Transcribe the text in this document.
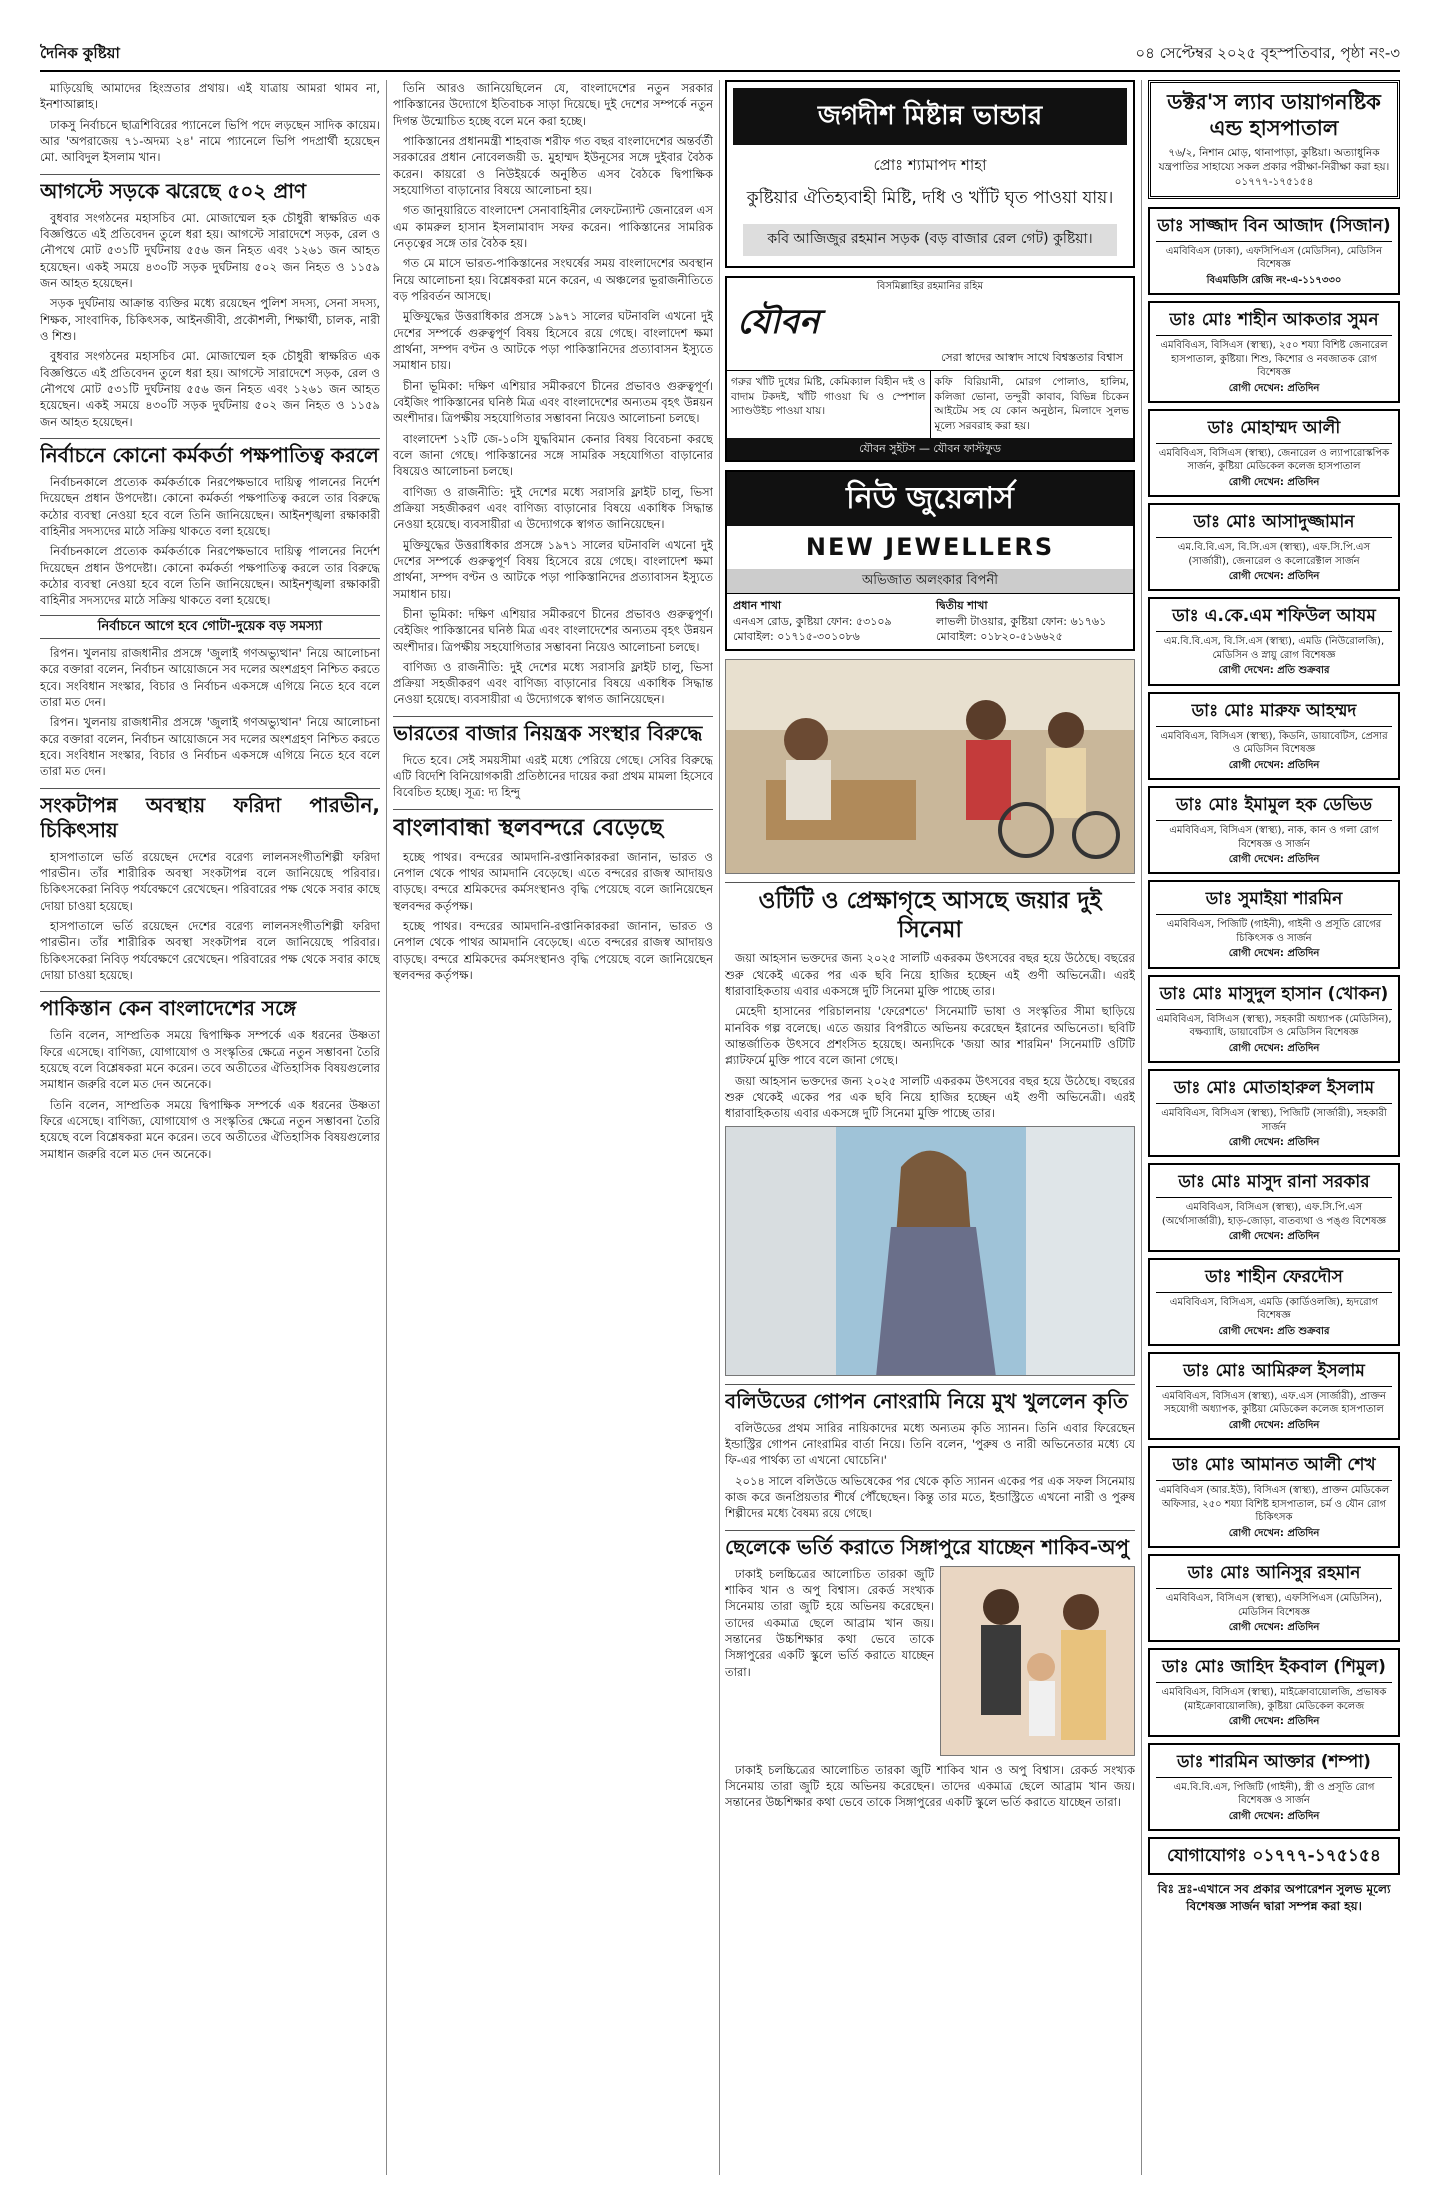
দৈনিক কুষ্টিয়া	০৪ সেপ্টেম্বর ২০২৫ বৃহস্পতিবার, পৃষ্ঠা নং-৩

মাড়িয়েছি আমাদের হিংস্রতার প্রথায়। এই যাত্রায় আমরা থামব না, ইনশাআল্লাহ।

ঢাকসু নির্বাচনে ছাত্রশিবিরের প্যানেলে ভিপি পদে লড়ছেন সাদিক কায়েম। আর 'অপরাজেয় ৭১-অদম্য ২৪' নামে প্যানেলে ভিপি পদপ্রার্থী হয়েছেন মো. আবিদুল ইসলাম খান।

আগস্টে সড়কে ঝরেছে ৫০২ প্রাণ

বুধবার সংগঠনের মহাসচিব মো. মোজাম্মেল হক চৌধুরী স্বাক্ষরিত এক বিজ্ঞপ্তিতে এই প্রতিবেদন তুলে ধরা হয়। আগস্টে সারাদেশে সড়ক, রেল ও নৌপথে মোট ৫৩১টি দুর্ঘটনায় ৫৫৬ জন নিহত এবং ১২৬১ জন আহত হয়েছেন। একই সময়ে ৪৩০টি সড়ক দুর্ঘটনায় ৫০২ জন নিহত ও ১১৫৯ জন আহত হয়েছেন।

সড়ক দুর্ঘটনায় আক্রান্ত ব্যক্তির মধ্যে রয়েছেন পুলিশ সদস্য, সেনা সদস্য, শিক্ষক, সাংবাদিক, চিকিৎসক, আইনজীবী, প্রকৌশলী, শিক্ষার্থী, চালক, নারী ও শিশু।

বুধবার সংগঠনের মহাসচিব মো. মোজাম্মেল হক চৌধুরী স্বাক্ষরিত এক বিজ্ঞপ্তিতে এই প্রতিবেদন তুলে ধরা হয়। আগস্টে সারাদেশে সড়ক, রেল ও নৌপথে মোট ৫৩১টি দুর্ঘটনায় ৫৫৬ জন নিহত এবং ১২৬১ জন আহত হয়েছেন। একই সময়ে ৪৩০টি সড়ক দুর্ঘটনায় ৫০২ জন নিহত ও ১১৫৯ জন আহত হয়েছেন।

নির্বাচনে কোনো কর্মকর্তা পক্ষপাতিত্ব করলে

নির্বাচনকালে প্রত্যেক কর্মকর্তাকে নিরপেক্ষভাবে দায়িত্ব পালনের নির্দেশ দিয়েছেন প্রধান উপদেষ্টা। কোনো কর্মকর্তা পক্ষপাতিত্ব করলে তার বিরুদ্ধে কঠোর ব্যবস্থা নেওয়া হবে বলে তিনি জানিয়েছেন। আইনশৃঙ্খলা রক্ষাকারী বাহিনীর সদস্যদের মাঠে সক্রিয় থাকতে বলা হয়েছে।

নির্বাচনকালে প্রত্যেক কর্মকর্তাকে নিরপেক্ষভাবে দায়িত্ব পালনের নির্দেশ দিয়েছেন প্রধান উপদেষ্টা। কোনো কর্মকর্তা পক্ষপাতিত্ব করলে তার বিরুদ্ধে কঠোর ব্যবস্থা নেওয়া হবে বলে তিনি জানিয়েছেন। আইনশৃঙ্খলা রক্ষাকারী বাহিনীর সদস্যদের মাঠে সক্রিয় থাকতে বলা হয়েছে।

নির্বাচনে আগে হবে গোটা-দুয়েক বড় সমস্যা

রিপন। খুলনায় রাজধানীর প্রসঙ্গে 'জুলাই গণঅভ্যুত্থান' নিয়ে আলোচনা করে বক্তারা বলেন, নির্বাচন আয়োজনে সব দলের অংশগ্রহণ নিশ্চিত করতে হবে। সংবিধান সংস্কার, বিচার ও নির্বাচন একসঙ্গে এগিয়ে নিতে হবে বলে তারা মত দেন।

রিপন। খুলনায় রাজধানীর প্রসঙ্গে 'জুলাই গণঅভ্যুত্থান' নিয়ে আলোচনা করে বক্তারা বলেন, নির্বাচন আয়োজনে সব দলের অংশগ্রহণ নিশ্চিত করতে হবে। সংবিধান সংস্কার, বিচার ও নির্বাচন একসঙ্গে এগিয়ে নিতে হবে বলে তারা মত দেন।

সংকটাপন্ন অবস্থায় ফরিদা পারভীন, চিকিৎসায়

হাসপাতালে ভর্তি রয়েছেন দেশের বরেণ্য লালনসংগীতশিল্পী ফরিদা পারভীন। তাঁর শারীরিক অবস্থা সংকটাপন্ন বলে জানিয়েছে পরিবার। চিকিৎসকেরা নিবিড় পর্যবেক্ষণে রেখেছেন। পরিবারের পক্ষ থেকে সবার কাছে দোয়া চাওয়া হয়েছে।

হাসপাতালে ভর্তি রয়েছেন দেশের বরেণ্য লালনসংগীতশিল্পী ফরিদা পারভীন। তাঁর শারীরিক অবস্থা সংকটাপন্ন বলে জানিয়েছে পরিবার। চিকিৎসকেরা নিবিড় পর্যবেক্ষণে রেখেছেন। পরিবারের পক্ষ থেকে সবার কাছে দোয়া চাওয়া হয়েছে।

পাকিস্তান কেন বাংলাদেশের সঙ্গে

তিনি বলেন, সাম্প্রতিক সময়ে দ্বিপাক্ষিক সম্পর্কে এক ধরনের উষ্ণতা ফিরে এসেছে। বাণিজ্য, যোগাযোগ ও সংস্কৃতির ক্ষেত্রে নতুন সম্ভাবনা তৈরি হয়েছে বলে বিশ্লেষকরা মনে করেন। তবে অতীতের ঐতিহাসিক বিষয়গুলোর সমাধান জরুরি বলে মত দেন অনেকে।

তিনি বলেন, সাম্প্রতিক সময়ে দ্বিপাক্ষিক সম্পর্কে এক ধরনের উষ্ণতা ফিরে এসেছে। বাণিজ্য, যোগাযোগ ও সংস্কৃতির ক্ষেত্রে নতুন সম্ভাবনা তৈরি হয়েছে বলে বিশ্লেষকরা মনে করেন। তবে অতীতের ঐতিহাসিক বিষয়গুলোর সমাধান জরুরি বলে মত দেন অনেকে।

তিনি আরও জানিয়েছিলেন যে, বাংলাদেশের নতুন সরকার পাকিস্তানের উদ্যোগে ইতিবাচক সাড়া দিয়েছে। দুই দেশের সম্পর্কে নতুন দিগন্ত উন্মোচিত হচ্ছে বলে মনে করা হচ্ছে।

পাকিস্তানের প্রধানমন্ত্রী শাহবাজ শরীফ গত বছর বাংলাদেশের অন্তর্বর্তী সরকারের প্রধান নোবেলজয়ী ড. মুহাম্মদ ইউনূসের সঙ্গে দুইবার বৈঠক করেন। কায়রো ও নিউইয়র্কে অনুষ্ঠিত এসব বৈঠকে দ্বিপাক্ষিক সহযোগিতা বাড়ানোর বিষয়ে আলোচনা হয়।

গত জানুয়ারিতে বাংলাদেশ সেনাবাহিনীর লেফটেন্যান্ট জেনারেল এস এম কামরুল হাসান ইসলামাবাদ সফর করেন। পাকিস্তানের সামরিক নেতৃত্বের সঙ্গে তার বৈঠক হয়।

গত মে মাসে ভারত-পাকিস্তানের সংঘর্ষের সময় বাংলাদেশের অবস্থান নিয়ে আলোচনা হয়। বিশ্লেষকরা মনে করেন, এ অঞ্চলের ভূরাজনীতিতে বড় পরিবর্তন আসছে।

মুক্তিযুদ্ধের উত্তরাধিকার প্রসঙ্গে ১৯৭১ সালের ঘটনাবলি এখনো দুই দেশের সম্পর্কে গুরুত্বপূর্ণ বিষয় হিসেবে রয়ে গেছে। বাংলাদেশ ক্ষমা প্রার্থনা, সম্পদ বণ্টন ও আটকে পড়া পাকিস্তানিদের প্রত্যাবাসন ইস্যুতে সমাধান চায়।

চীনা ভূমিকা: দক্ষিণ এশিয়ার সমীকরণে চীনের প্রভাবও গুরুত্বপূর্ণ। বেইজিং পাকিস্তানের ঘনিষ্ঠ মিত্র এবং বাংলাদেশের অন্যতম বৃহৎ উন্নয়ন অংশীদার। ত্রিপক্ষীয় সহযোগিতার সম্ভাবনা নিয়েও আলোচনা চলছে।

বাংলাদেশ ১২টি জে-১০সি যুদ্ধবিমান কেনার বিষয় বিবেচনা করছে বলে জানা গেছে। পাকিস্তানের সঙ্গে সামরিক সহযোগিতা বাড়ানোর বিষয়েও আলোচনা চলছে।

বাণিজ্য ও রাজনীতি: দুই দেশের মধ্যে সরাসরি ফ্লাইট চালু, ভিসা প্রক্রিয়া সহজীকরণ এবং বাণিজ্য বাড়ানোর বিষয়ে একাধিক সিদ্ধান্ত নেওয়া হয়েছে। ব্যবসায়ীরা এ উদ্যোগকে স্বাগত জানিয়েছেন।

মুক্তিযুদ্ধের উত্তরাধিকার প্রসঙ্গে ১৯৭১ সালের ঘটনাবলি এখনো দুই দেশের সম্পর্কে গুরুত্বপূর্ণ বিষয় হিসেবে রয়ে গেছে। বাংলাদেশ ক্ষমা প্রার্থনা, সম্পদ বণ্টন ও আটকে পড়া পাকিস্তানিদের প্রত্যাবাসন ইস্যুতে সমাধান চায়।

চীনা ভূমিকা: দক্ষিণ এশিয়ার সমীকরণে চীনের প্রভাবও গুরুত্বপূর্ণ। বেইজিং পাকিস্তানের ঘনিষ্ঠ মিত্র এবং বাংলাদেশের অন্যতম বৃহৎ উন্নয়ন অংশীদার। ত্রিপক্ষীয় সহযোগিতার সম্ভাবনা নিয়েও আলোচনা চলছে।

বাণিজ্য ও রাজনীতি: দুই দেশের মধ্যে সরাসরি ফ্লাইট চালু, ভিসা প্রক্রিয়া সহজীকরণ এবং বাণিজ্য বাড়ানোর বিষয়ে একাধিক সিদ্ধান্ত নেওয়া হয়েছে। ব্যবসায়ীরা এ উদ্যোগকে স্বাগত জানিয়েছেন।

ভারতের বাজার নিয়ন্ত্রক সংস্থার বিরুদ্ধে

দিতে হবে। সেই সময়সীমা এরই মধ্যে পেরিয়ে গেছে। সেবির বিরুদ্ধে এটি বিদেশি বিনিয়োগকারী প্রতিষ্ঠানের দায়ের করা প্রথম মামলা হিসেবে বিবেচিত হচ্ছে। সূত্র: দ্য হিন্দু

বাংলাবান্ধা স্থলবন্দরে বেড়েছে

হচ্ছে পাথর। বন্দরের আমদানি-রপ্তানিকারকরা জানান, ভারত ও নেপাল থেকে পাথর আমদানি বেড়েছে। এতে বন্দরের রাজস্ব আদায়ও বাড়ছে। বন্দরে শ্রমিকদের কর্মসংস্থানও বৃদ্ধি পেয়েছে বলে জানিয়েছেন স্থলবন্দর কর্তৃপক্ষ।

হচ্ছে পাথর। বন্দরের আমদানি-রপ্তানিকারকরা জানান, ভারত ও নেপাল থেকে পাথর আমদানি বেড়েছে। এতে বন্দরের রাজস্ব আদায়ও বাড়ছে। বন্দরে শ্রমিকদের কর্মসংস্থানও বৃদ্ধি পেয়েছে বলে জানিয়েছেন স্থলবন্দর কর্তৃপক্ষ।

জগদীশ মিষ্টান্ন ভান্ডার
প্রোঃ শ্যামাপদ শাহা
কুষ্টিয়ার ঐতিহ্যবাহী মিষ্টি, দধি ও খাঁটি ঘৃত পাওয়া যায়।
কবি আজিজুর রহমান সড়ক (বড় বাজার রেল গেট) কুষ্টিয়া।
বিসমিল্লাহির রহমানির রহিম
যৌবন
সেরা স্বাদের আস্বাদ সাথে বিশ্বস্ততার বিশ্বাস
গরুর খাঁটি দুধের মিষ্টি, কেমিক্যাল বিহীন দই ও বাদাম টকদই, খাঁটি গাওয়া ঘি ও স্পেশাল স্যাণ্ডউইচ পাওয়া যায়।
কফি বিরিয়ানী, মোরগ পোলাও, হালিম, কলিজা ভোনা, তন্দুরী কাবাব, বিভিন্ন চিকেন আইটেম সহ যে কোন অনুষ্ঠান, মিলাদে সুলভ মূল্যে সরবরাহ করা হয়।
যৌবন সুইটস — যৌবন ফাস্টফুড
নিউ জুয়েলার্স
NEW JEWELLERS
অভিজাত অলংকার বিপনী
প্রধান শাখা
এনএস রোড, কুষ্টিয়া ফোন: ৫৩১০৯ মোবাইল: ০১৭১৫-৩০১০৮৬
দ্বিতীয় শাখা
লাভলী টাওয়ার, কুষ্টিয়া ফোন: ৬১৭৬১ মোবাইল: ০১৮২০-৫১৬৬২৫
ওটিটি ও প্রেক্ষাগৃহে আসছে জয়ার দুই সিনেমা

জয়া আহসান ভক্তদের জন্য ২০২৫ সালটি একরকম উৎসবের বছর হয়ে উঠেছে। বছরের শুরু থেকেই একের পর এক ছবি নিয়ে হাজির হচ্ছেন এই গুণী অভিনেত্রী। এরই ধারাবাহিকতায় এবার একসঙ্গে দুটি সিনেমা মুক্তি পাচ্ছে তার।

মেহেদী হাসানের পরিচালনায় 'ফেরেশতে' সিনেমাটি ভাষা ও সংস্কৃতির সীমা ছাড়িয়ে মানবিক গল্প বলেছে। এতে জয়ার বিপরীতে অভিনয় করেছেন ইরানের অভিনেতা। ছবিটি আন্তর্জাতিক উৎসবে প্রশংসিত হয়েছে। অন্যদিকে 'জয়া আর শারমিন' সিনেমাটি ওটিটি প্ল্যাটফর্মে মুক্তি পাবে বলে জানা গেছে।

জয়া আহসান ভক্তদের জন্য ২০২৫ সালটি একরকম উৎসবের বছর হয়ে উঠেছে। বছরের শুরু থেকেই একের পর এক ছবি নিয়ে হাজির হচ্ছেন এই গুণী অভিনেত্রী। এরই ধারাবাহিকতায় এবার একসঙ্গে দুটি সিনেমা মুক্তি পাচ্ছে তার।

বলিউডের গোপন নোংরামি নিয়ে মুখ খুললেন কৃতি

বলিউডের প্রথম সারির নায়িকাদের মধ্যে অন্যতম কৃতি স্যানন। তিনি এবার ফিরেছেন ইন্ডাস্ট্রির গোপন নোংরামির বার্তা নিয়ে। তিনি বলেন, 'পুরুষ ও নারী অভিনেতার মধ্যে যে ফি-এর পার্থক্য তা এখনো ঘোচেনি।'

২০১৪ সালে বলিউডে অভিষেকের পর থেকে কৃতি স্যানন একের পর এক সফল সিনেমায় কাজ করে জনপ্রিয়তার শীর্ষে পৌঁছেছেন। কিন্তু তার মতে, ইন্ডাস্ট্রিতে এখনো নারী ও পুরুষ শিল্পীদের মধ্যে বৈষম্য রয়ে গেছে।

ছেলেকে ভর্তি করাতে সিঙ্গাপুরে যাচ্ছেন শাকিব-অপু

ঢাকাই চলচ্চিত্রের আলোচিত তারকা জুটি শাকিব খান ও অপু বিশ্বাস। রেকর্ড সংখ্যক সিনেমায় তারা জুটি হয়ে অভিনয় করেছেন। তাদের একমাত্র ছেলে আব্রাম খান জয়। সন্তানের উচ্চশিক্ষার কথা ভেবে তাকে সিঙ্গাপুরের একটি স্কুলে ভর্তি করাতে যাচ্ছেন তারা।

ঢাকাই চলচ্চিত্রের আলোচিত তারকা জুটি শাকিব খান ও অপু বিশ্বাস। রেকর্ড সংখ্যক সিনেমায় তারা জুটি হয়ে অভিনয় করেছেন। তাদের একমাত্র ছেলে আব্রাম খান জয়। সন্তানের উচ্চশিক্ষার কথা ভেবে তাকে সিঙ্গাপুরের একটি স্কুলে ভর্তি করাতে যাচ্ছেন তারা।

ডক্টর'স ল্যাব ডায়াগনষ্টিক এন্ড হাসপাতাল
৭৬/২, নিশান মোড়, থানাপাড়া, কুষ্টিয়া। অত্যাধুনিক যন্ত্রপাতির সাহায্যে সকল প্রকার পরীক্ষা-নিরীক্ষা করা হয়। ০১৭৭৭-১৭৫১৫৪
ডাঃ সাজ্জাদ বিন আজাদ (সিজান)
এমবিবিএস (ঢাকা), এফসিপিএস (মেডিসিন), মেডিসিন বিশেষজ্ঞ
বিএমডিসি রেজি নং-এ-১১৭৩৩০
ডাঃ মোঃ শাহীন আকতার সুমন
এমবিবিএস, বিসিএস (স্বাস্থ্য), ২৫০ শয্যা বিশিষ্ট জেনারেল হাসপাতাল, কুষ্টিয়া। শিশু, কিশোর ও নবজাতক রোগ বিশেষজ্ঞ
রোগী দেখেন: প্রতিদিন
ডাঃ মোহাম্মদ আলী
এমবিবিএস, বিসিএস (স্বাস্থ্য), জেনারেল ও ল্যাপারোস্কপিক সার্জন, কুষ্টিয়া মেডিকেল কলেজ হাসপাতাল
রোগী দেখেন: প্রতিদিন
ডাঃ মোঃ আসাদুজ্জামান
এম.বি.বি.এস, বি.সি.এস (স্বাস্থ্য), এফ.সি.পি.এস (সার্জারী), জেনারেল ও কলোরেক্টাল সার্জন
রোগী দেখেন: প্রতিদিন
ডাঃ এ.কে.এম শফিউল আযম
এম.বি.বি.এস, বি.সি.এস (স্বাস্থ্য), এমডি (নিউরোলজি), মেডিসিন ও স্নায়ু রোগ বিশেষজ্ঞ
রোগী দেখেন: প্রতি শুক্রবার
ডাঃ মোঃ মারুফ আহম্মদ
এমবিবিএস, বিসিএস (স্বাস্থ্য), কিডনি, ডায়াবেটিস, প্রেসার ও মেডিসিন বিশেষজ্ঞ
রোগী দেখেন: প্রতিদিন
ডাঃ মোঃ ইমামুল হক ডেভিড
এমবিবিএস, বিসিএস (স্বাস্থ্য), নাক, কান ও গলা রোগ বিশেষজ্ঞ ও সার্জন
রোগী দেখেন: প্রতিদিন
ডাঃ সুমাইয়া শারমিন
এমবিবিএস, পিজিটি (গাইনী), গাইনী ও প্রসূতি রোগের চিকিৎসক ও সার্জন
রোগী দেখেন: প্রতিদিন
ডাঃ মোঃ মাসুদুল হাসান (খোকন)
এমবিবিএস, বিসিএস (স্বাস্থ্য), সহকারী অধ্যাপক (মেডিসিন), বক্ষব্যাধি, ডায়াবেটিস ও মেডিসিন বিশেষজ্ঞ
রোগী দেখেন: প্রতিদিন
ডাঃ মোঃ মোতাহারুল ইসলাম
এমবিবিএস, বিসিএস (স্বাস্থ্য), পিজিটি (সার্জারী), সহকারী সার্জন
রোগী দেখেন: প্রতিদিন
ডাঃ মোঃ মাসুদ রানা সরকার
এমবিবিএস, বিসিএস (স্বাস্থ্য), এফ.সি.পি.এস (অর্থোসার্জারী), হাড়-জোড়া, বাতব্যথা ও পঙ্গু বিশেষজ্ঞ
রোগী দেখেন: প্রতিদিন
ডাঃ শাহীন ফেরদৌস
এমবিবিএস, বিসিএস, এমডি (কার্ডিওলজি), হৃদরোগ বিশেষজ্ঞ
রোগী দেখেন: প্রতি শুক্রবার
ডাঃ মোঃ আমিরুল ইসলাম
এমবিবিএস, বিসিএস (স্বাস্থ্য), এফ.এস (সার্জারী), প্রাক্তন সহযোগী অধ্যাপক, কুষ্টিয়া মেডিকেল কলেজ হাসপাতাল
রোগী দেখেন: প্রতিদিন
ডাঃ মোঃ আমানত আলী শেখ
এমবিবিএস (আর.ইউ), বিসিএস (স্বাস্থ্য), প্রাক্তন মেডিকেল অফিসার, ২৫০ শয্যা বিশিষ্ট হাসপাতাল, চর্ম ও যৌন রোগ চিকিৎসক
রোগী দেখেন: প্রতিদিন
ডাঃ মোঃ আনিসুর রহমান
এমবিবিএস, বিসিএস (স্বাস্থ্য), এফসিপিএস (মেডিসিন), মেডিসিন বিশেষজ্ঞ
রোগী দেখেন: প্রতিদিন
ডাঃ মোঃ জাহিদ ইকবাল (শিমুল)
এমবিবিএস, বিসিএস (স্বাস্থ্য), মাইক্রোবায়োলজি, প্রভাষক (মাইক্রোবায়োলজি), কুষ্টিয়া মেডিকেল কলেজ
রোগী দেখেন: প্রতিদিন
ডাঃ শারমিন আক্তার (শম্পা)
এম.বি.বি.এস, পিজিটি (গাইনী), স্ত্রী ও প্রসূতি রোগ বিশেষজ্ঞ ও সার্জন
রোগী দেখেন: প্রতিদিন
যোগাযোগঃ ০১৭৭৭-১৭৫১৫৪
বিঃ দ্রঃ-এখানে সব প্রকার অপারেশন সুলভ মূল্যে বিশেষজ্ঞ সার্জন দ্বারা সম্পন্ন করা হয়।
